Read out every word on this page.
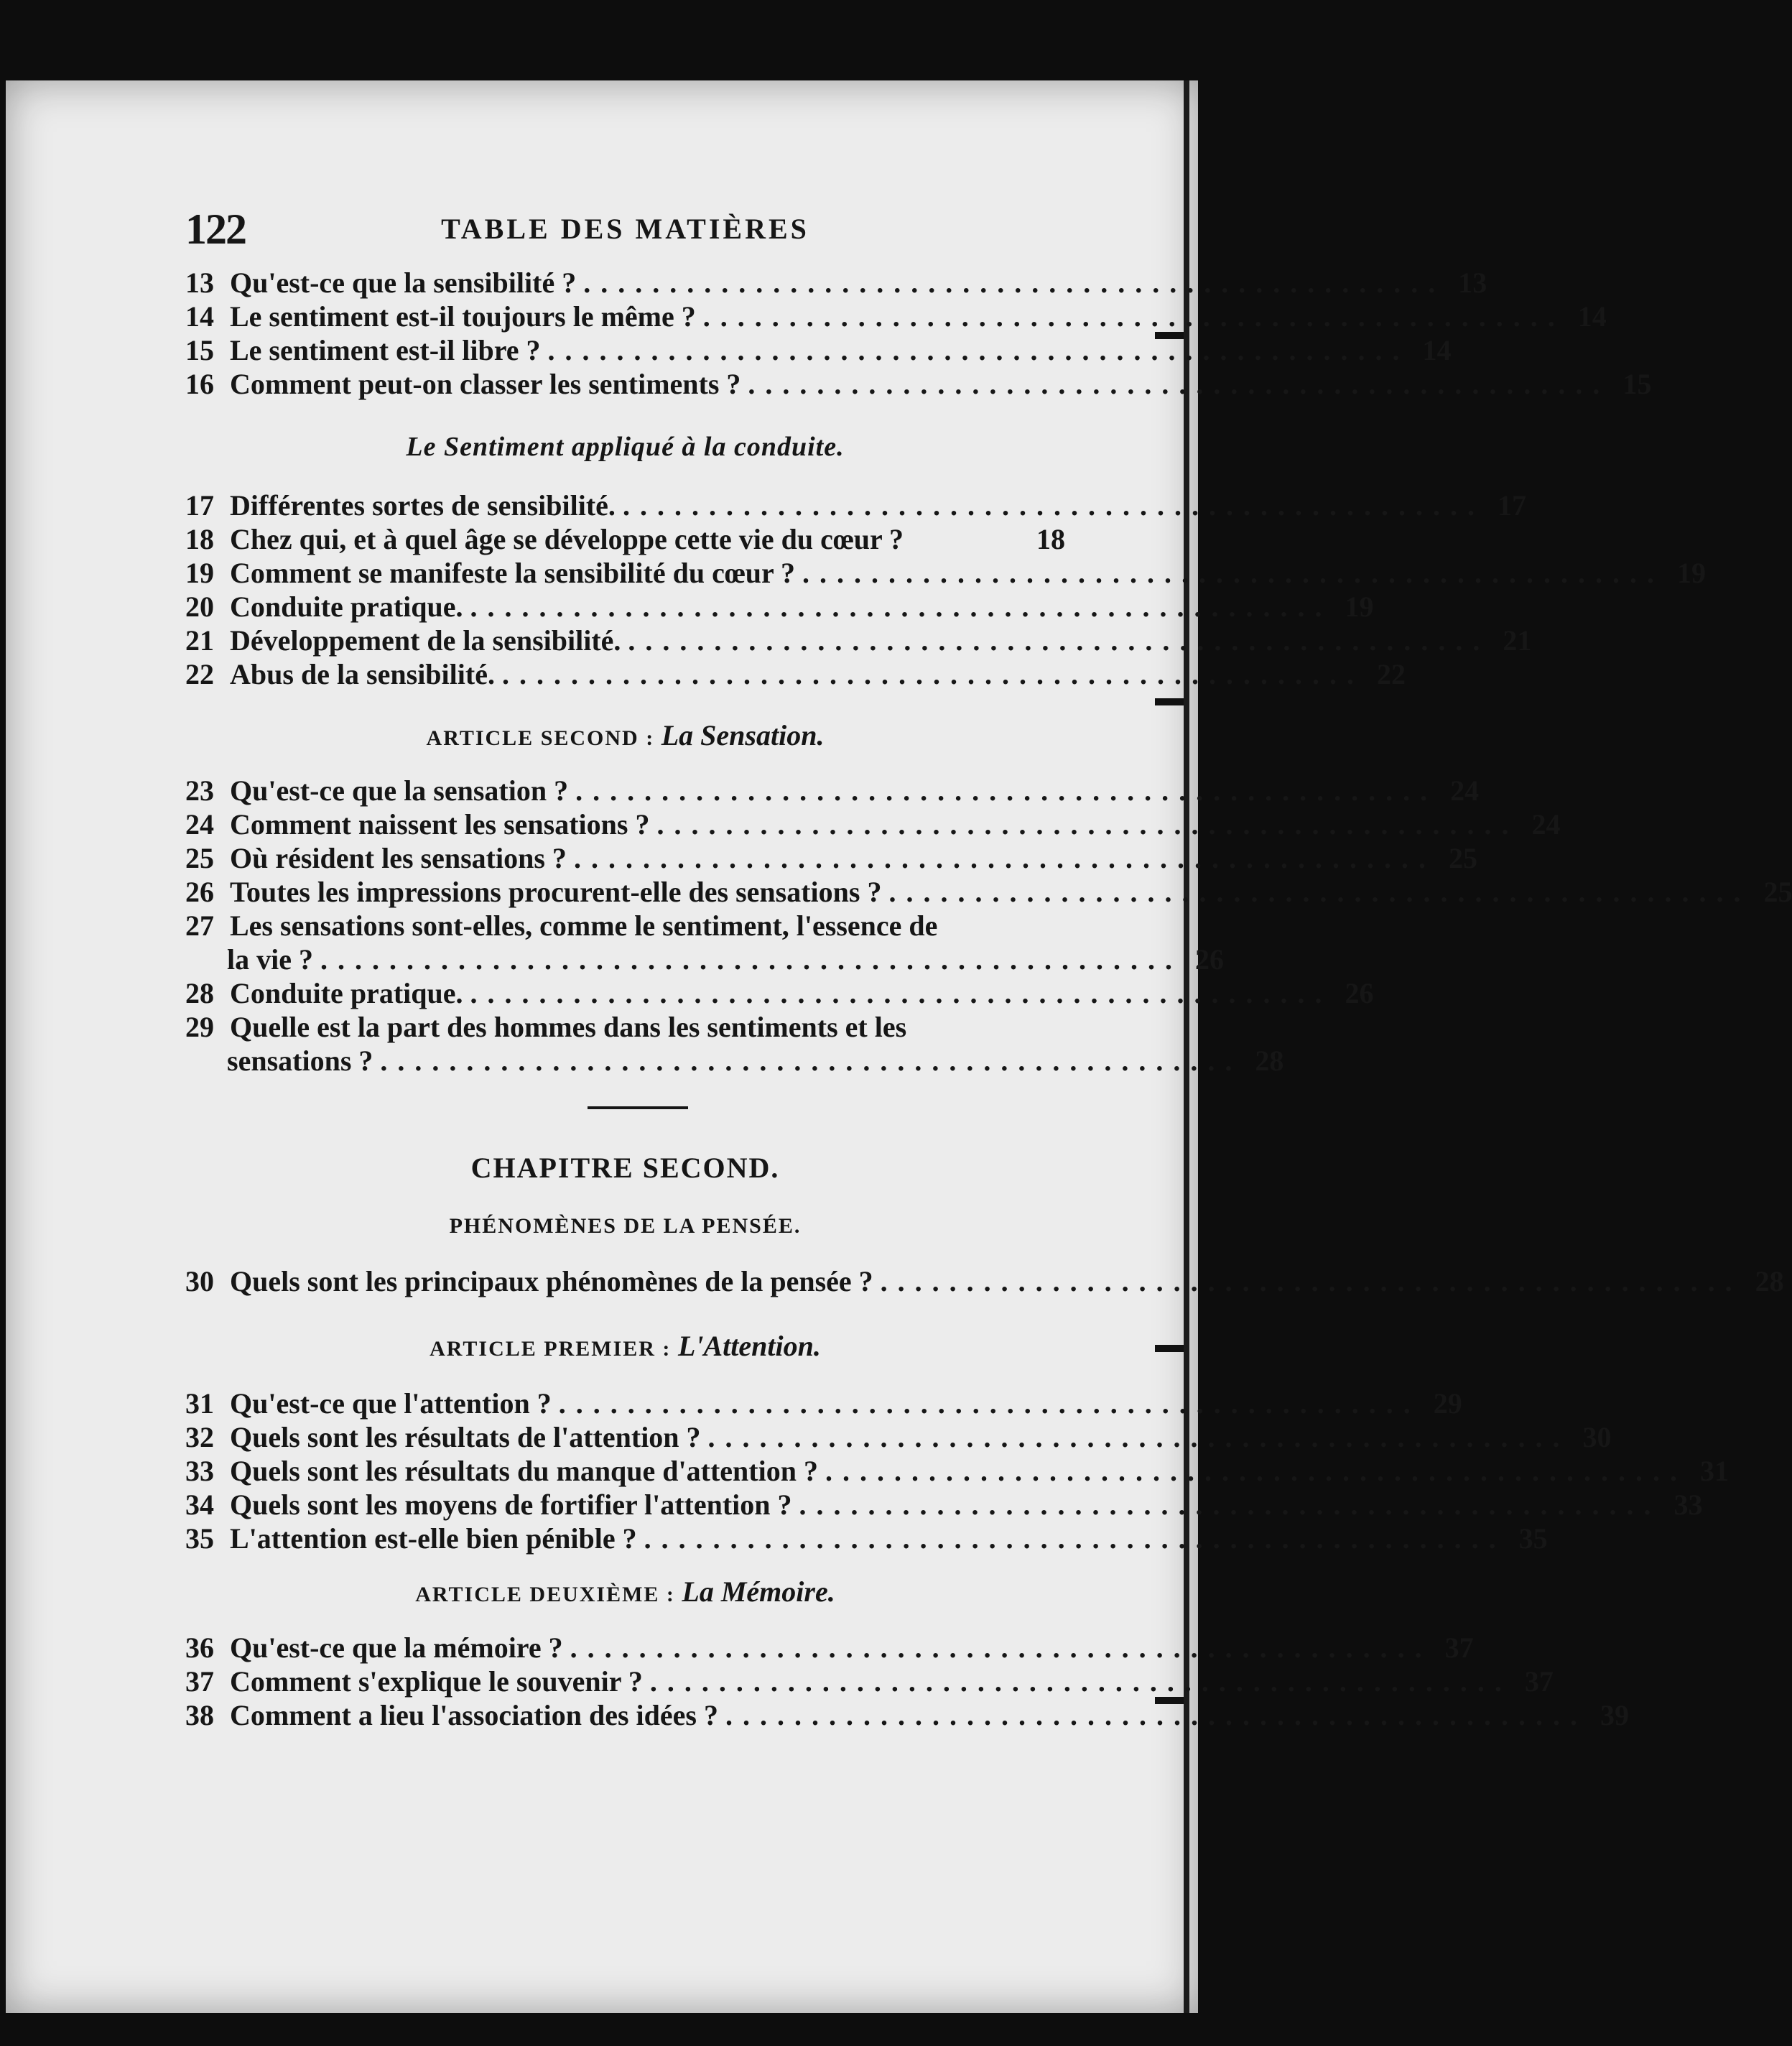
122	TABLE DES MATIÈRES
13 Qu'est-ce que la sensibilité ? .................................................. 13
14 Le sentiment est-il toujours le même ? .................................................. 14
15 Le sentiment est-il libre ? .................................................. 14
16 Comment peut-on classer les sentiments ? .................................................. 15
Le Sentiment appliqué à la conduite.
17 Différentes sortes de sensibilité. .................................................. 17
18 Chez qui, et à quel âge se développe cette vie du cœur ?	18
19 Comment se manifeste la sensibilité du cœur ? .................................................. 19
20 Conduite pratique. .................................................. 19
21 Développement de la sensibilité. .................................................. 21
22 Abus de la sensibilité. .................................................. 22
ARTICLE SECOND : La Sensation.
23 Qu'est-ce que la sensation ? .................................................. 24
24 Comment naissent les sensations ? .................................................. 24
25 Où résident les sensations ? .................................................. 25
26 Toutes les impressions procurent-elle des sensations ? .................................................. 25
27 Les sensations sont-elles, comme le sentiment, l'essence de
la vie ? .................................................. 26
28 Conduite pratique. .................................................. 26
29 Quelle est la part des hommes dans les sentiments et les
sensations ? .................................................. 28
CHAPITRE SECOND.
PHÉNOMÈNES DE LA PENSÉE.
30 Quels sont les principaux phénomènes de la pensée ? .................................................. 28
ARTICLE PREMIER : L'Attention.
31 Qu'est-ce que l'attention ? .................................................. 29
32 Quels sont les résultats de l'attention ? .................................................. 30
33 Quels sont les résultats du manque d'attention ? .................................................. 31
34 Quels sont les moyens de fortifier l'attention ? .................................................. 33
35 L'attention est-elle bien pénible ? .................................................. 35
ARTICLE DEUXIÈME : La Mémoire.
36 Qu'est-ce que la mémoire ? .................................................. 37
37 Comment s'explique le souvenir ? .................................................. 37
38 Comment a lieu l'association des idées ? .................................................. 39
